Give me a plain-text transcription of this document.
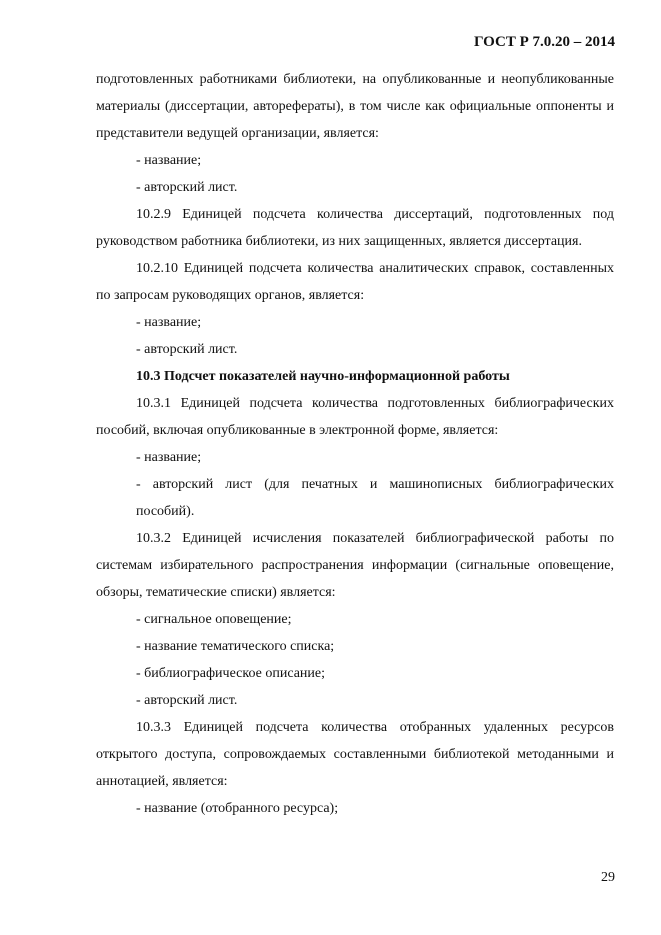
ГОСТ Р 7.0.20 – 2014

подготовленных работниками библиотеки, на опубликованные и неопубликованные материалы (диссертации, авторефераты), в том числе как официальные оппоненты и представители ведущей организации, является:

- название;

- авторский лист.

10.2.9 Единицей подсчета количества диссертаций, подготовленных под руководством работника библиотеки, из них защищенных, является диссертация.

10.2.10 Единицей подсчета количества аналитических справок, составленных по запросам руководящих органов, является:

- название;

- авторский лист.

10.3 Подсчет показателей научно-информационной работы

10.3.1 Единицей подсчета количества подготовленных библиографических пособий, включая опубликованные в электронной форме, является:

- название;

- авторский лист (для печатных и машинописных библиографических пособий).

10.3.2 Единицей исчисления показателей библиографической работы по системам избирательного распространения информации (сигнальные оповещение, обзоры, тематические списки) является:

- сигнальное оповещение;

- название тематического списка;

- библиографическое описание;

- авторский лист.

10.3.3 Единицей подсчета количества отобранных удаленных ресурсов открытого доступа, сопровождаемых составленными библиотекой методанными и аннотацией, является:

- название (отобранного ресурса);

29
